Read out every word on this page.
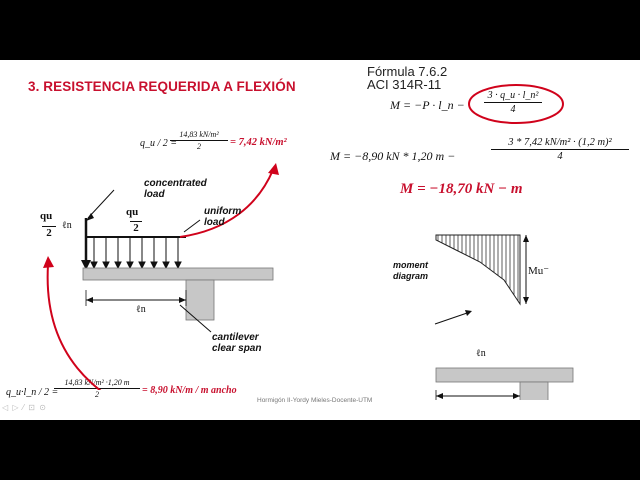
3. RESISTENCIA REQUERIDA A FLEXIÓN
Fórmula 7.6.2
ACI 314R-11
M = −P · l_n −
3 · q_u · l_n²
4
M = −8,90 kN * 1,20 m −
3 * 7,42 kN/m² · (1,2 m)²
4
M = −18,70 kN − m
q_u / 2 =
14,83 kN/m²
2	= 7,42 kN/m²
q_u·l_n / 2 =
14,83 kN/m² ·1,20 m
2	= 8,90 kN/m / m ancho
concentrated load
uniform load
cantilever clear span
qu
2
qu
2
ℓn
ℓn
moment diagram	Mu⁻
ℓn
Hormigón II-Yordy Mieles-Docente-UTM
◁ ▷ ⁄ ⊡ ⊙
